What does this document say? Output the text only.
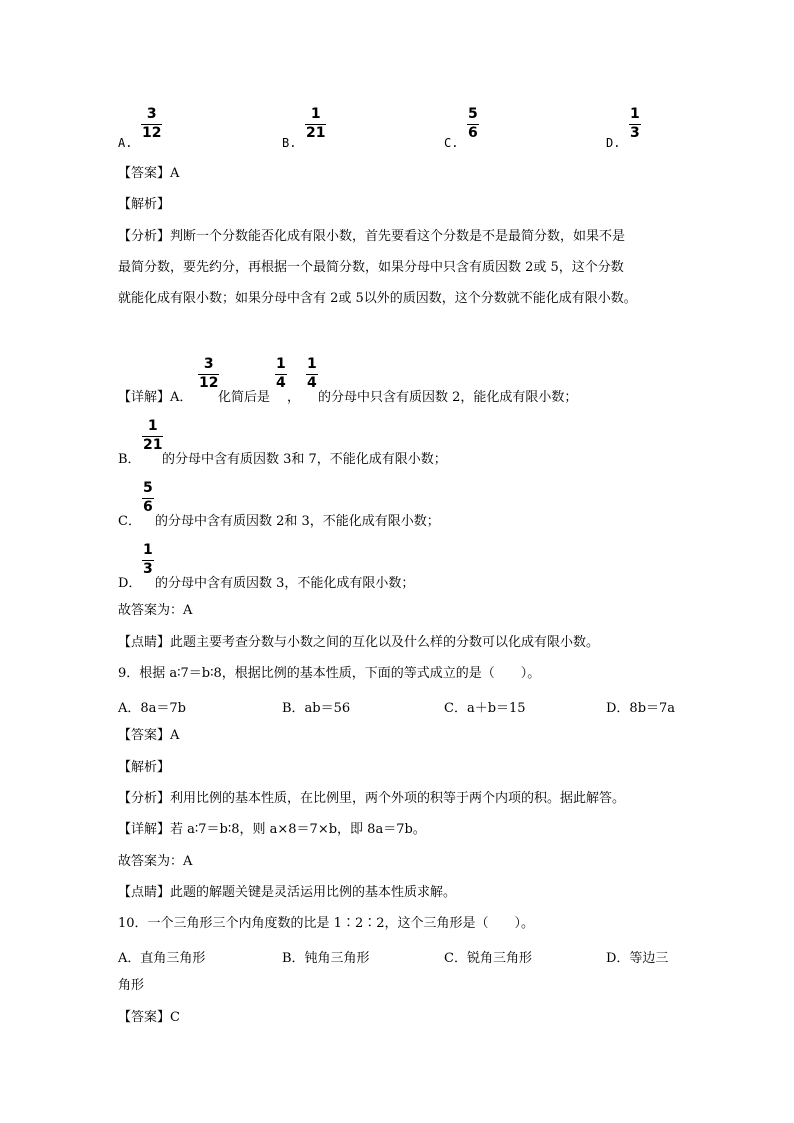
A.
3
12
B.
1
21
C.
5
6
D.
1
3
【答案】A
【解析】
【分析】判断一个分数能否化成有限小数，首先要看这个分数是不是最简分数，如果不是
最简分数，要先约分，再根据一个最简分数，如果分母中只含有质因数 2或 5，这个分数
就能化成有限小数；如果分母中含有 2或 5以外的质因数，这个分数就不能化成有限小数。
【详解】A．
3
12
化简后是
1
4
，
1
4
的分母中只含有质因数 2，能化成有限小数；
B．
1
21
的分母中含有质因数 3和 7，不能化成有限小数；
C．
5
6
的分母中含有质因数 2和 3，不能化成有限小数；
D．
1
3
的分母中含有质因数 3，不能化成有限小数；
故答案为：A
【点睛】此题主要考查分数与小数之间的互化以及什么样的分数可以化成有限小数。
9．根据 a∶7＝b∶8，根据比例的基本性质，下面的等式成立的是（　　）。
A．8a＝7b	B．ab＝56	C．a＋b＝15	D．8b＝7a
【答案】A
【解析】
【分析】利用比例的基本性质，在比例里，两个外项的积等于两个内项的积。据此解答。
【详解】若 a∶7＝b∶8，则 a×8＝7×b，即 8a＝7b。
故答案为：A
【点睛】此题的解题关键是灵活运用比例的基本性质求解。
10．一个三角形三个内角度数的比是 1∶2∶2，这个三角形是（　　）。
A．直角三角形	B．钝角三角形	C．锐角三角形	D．等边三
角形
【答案】C
